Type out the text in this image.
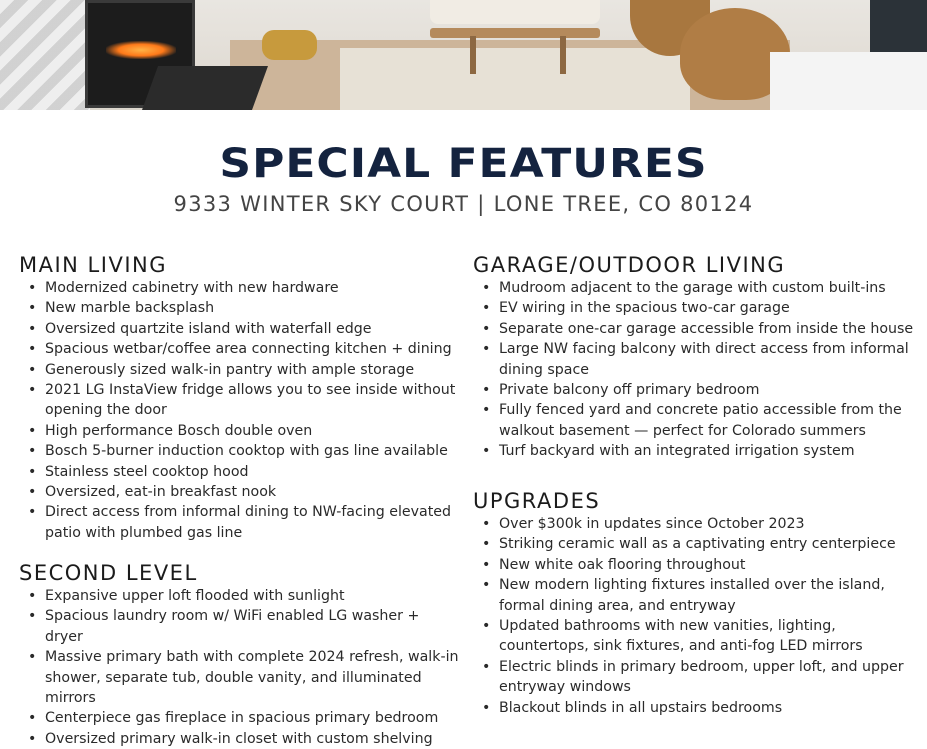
SPECIAL FEATURES
9333 WINTER SKY COURT | LONE TREE, CO 80124
MAIN LIVING
• Modernized cabinetry with new hardware
• New marble backsplash
• Oversized quartzite island with waterfall edge
• Spacious wetbar/coffee area connecting kitchen + dining
• Generously sized walk-in pantry with ample storage
• 2021 LG InstaView fridge allows you to see inside without opening the door
• High performance Bosch double oven
• Bosch 5-burner induction cooktop with gas line available
• Stainless steel cooktop hood
• Oversized, eat-in breakfast nook
• Direct access from informal dining to NW-facing elevated patio with plumbed gas line
SECOND LEVEL
• Expansive upper loft flooded with sunlight
• Spacious laundry room w/ WiFi enabled LG washer + dryer
• Massive primary bath with complete 2024 refresh, walk-in shower, separate tub, double vanity, and illuminated mirrors
• Centerpiece gas fireplace in spacious primary bedroom
• Oversized primary walk-in closet with custom shelving
GARAGE/OUTDOOR LIVING
• Mudroom adjacent to the garage with custom built-ins
• EV wiring in the spacious two-car garage
• Separate one-car garage accessible from inside the house
• Large NW facing balcony with direct access from informal dining space
• Private balcony off primary bedroom
• Fully fenced yard and concrete patio accessible from the walkout basement — perfect for Colorado summers
• Turf backyard with an integrated irrigation system
UPGRADES
• Over $300k in updates since October 2023
• Striking ceramic wall as a captivating entry centerpiece
• New white oak flooring throughout
• New modern lighting fixtures installed over the island, formal dining area, and entryway
• Updated bathrooms with new vanities, lighting, countertops, sink fixtures, and anti-fog LED mirrors
• Electric blinds in primary bedroom, upper loft, and upper entryway windows
• Blackout blinds in all upstairs bedrooms
